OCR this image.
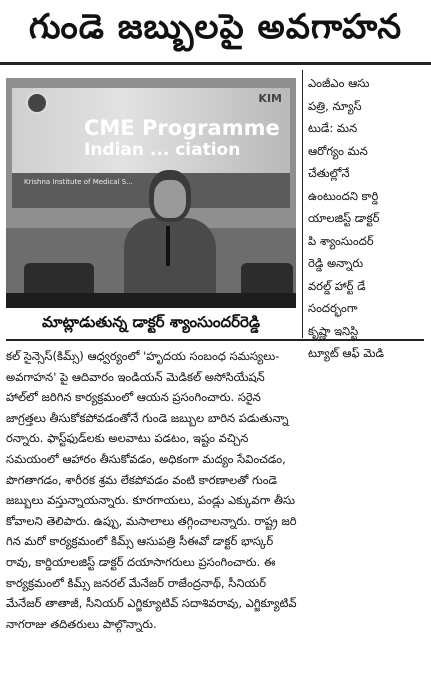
గుండె జబ్బులపై అవగాహన
KIM
CME Programme
Indian ... ciation
Krishna Institute of Medical S...
మాట్లాడుతున్న డాక్టర్ శ్యాంసుందర్‌రెడ్డి
ఎంజీఎం ఆసు
పత్రి, న్యూస్
టుడే: మన
ఆరోగ్యం మన
చేతుల్లోనే
ఉంటుందని కార్డి
యాలజిస్ట్ డాక్టర్
పి శ్యాంసుందర్
రెడ్డి అన్నారు
వరల్డ్ హార్ట్ డే
సందర్భంగా
కృష్ణా ఇనిస్టి
ట్యూట్ ఆఫ్ మెడి
కల్ సైన్సెస్(కిమ్స్) ఆధ్వర్యంలో 'హృదయ సంబంధ సమస్యలు-
అవగాహన' పై ఆదివారం ఇండియన్ మెడికల్ అసోసియేషన్
హాల్‌లో జరిగిన కార్యక్రమంలో ఆయన ప్రసంగించారు. సరైన
జాగ్రత్తలు తీసుకోకపోవడంతోనే గుండె జబ్బుల బారిన పడుతున్నా
రన్నారు. ఫాస్ట్‌ఫుడ్‌లకు అలవాటు పడటం, ఇష్టం వచ్చిన
సమయంలో ఆహారం తీసుకోవడం, అధికంగా మద్యం సేవించడం,
పొగతాగడం, శారీరక శ్రమ లేకపోవడం వంటి కారణాలతో గుండె
జబ్బులు వస్తున్నాయన్నారు. కూరగాయలు, పండ్లు ఎక్కువగా తీసు
కోవాలని తెలిపారు. ఉప్పు, మసాలాలు తగ్గించాలన్నారు. రాష్ట్ర జరి
గిన మరో కార్యక్రమంలో కిమ్స్ ఆసుపత్రి సీఈవో డాక్టర్ భాస్కర్
రావు, కార్డియాలజిస్ట్ డాక్టర్ దయాసాగరులు ప్రసంగించారు. ఈ
కార్యక్రమంలో కిమ్స్ జనరల్ మేనేజర్ రాజేంద్రనాథ్, సీనియర్
మేనేజర్ తాతాజీ, సీనియర్ ఎగ్జిక్యూటివ్ సదాశివరావు, ఎగ్జిక్యూటివ్
నాగరాజు తదితరులు పాల్గొన్నారు.
